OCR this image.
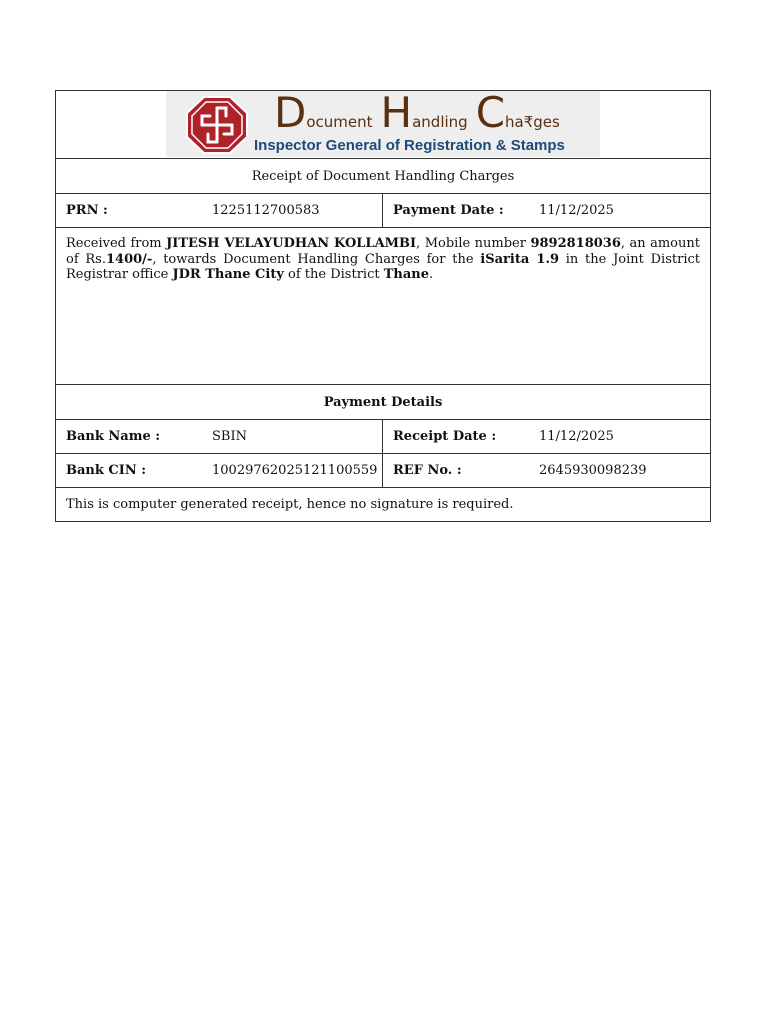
Document Handling Cha₹ges
Inspector General of Registration & Stamps
Receipt of Document Handling Charges
PRN :	1225112700583	Payment Date :	11/12/2025
Received from JITESH VELAYUDHAN KOLLAMBI, Mobile number 9892818036, an amount of Rs.1400/-, towards Document Handling Charges for the iSarita 1.9 in the Joint District Registrar office JDR Thane City of the District Thane.
Payment Details
Bank Name :	SBIN	Receipt Date :	11/12/2025
Bank CIN :	10029762025121100559 REF No. :	2645930098239
This is computer generated receipt, hence no signature is required.
